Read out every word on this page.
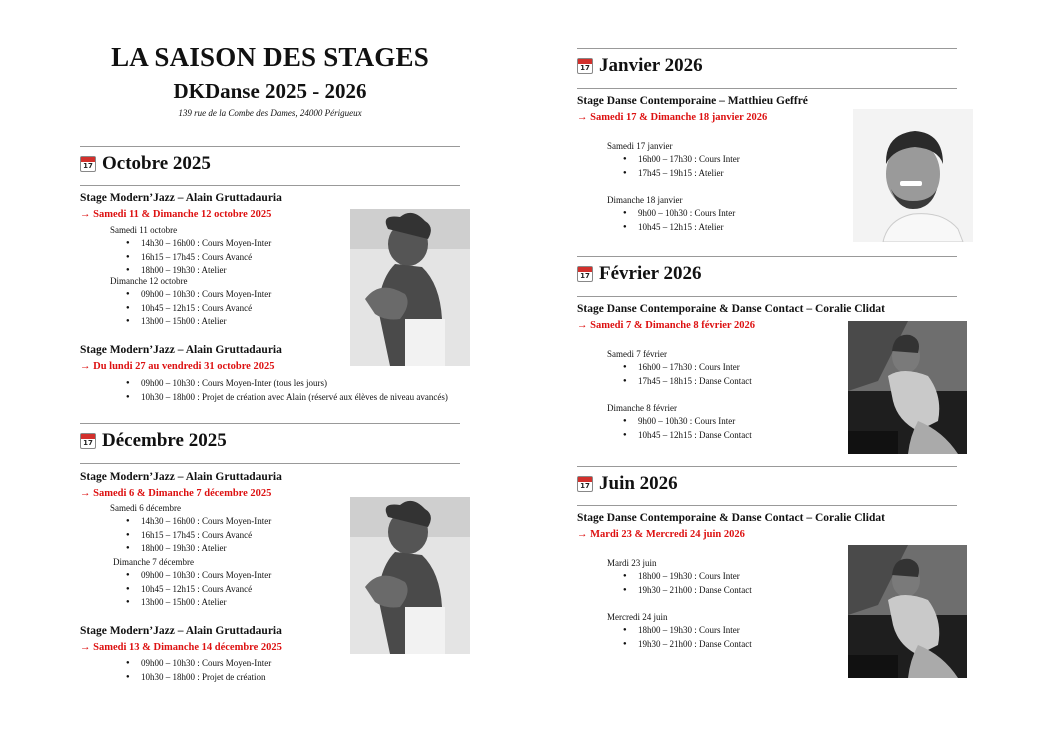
LA SAISON DES STAGES
DKDanse 2025 - 2026
139 rue de la Combe des Dames, 24000 Périgueux
17 Octobre 2025
Stage Modern’Jazz – Alain Gruttadauria
→ Samedi 11 & Dimanche 12 octobre 2025
Samedi 11 octobre
● 14h30 – 16h00 : Cours Moyen-Inter
● 16h15 – 17h45 : Cours Avancé
● 18h00 – 19h30 : Atelier
Dimanche 12 octobre
● 09h00 – 10h30 : Cours Moyen-Inter
● 10h45 – 12h15 : Cours Avancé
● 13h00 – 15h00 : Atelier
Stage Modern’Jazz – Alain Gruttadauria
→ Du lundi 27 au vendredi 31 octobre 2025
● 09h00 – 10h30 : Cours Moyen-Inter (tous les jours)
● 10h30 – 18h00 : Projet de création avec Alain (réservé aux élèves de niveau avancés)
17 Décembre 2025
Stage Modern’Jazz – Alain Gruttadauria
→ Samedi 6 & Dimanche 7 décembre 2025
Samedi 6 décembre
● 14h30 – 16h00 : Cours Moyen-Inter
● 16h15 – 17h45 : Cours Avancé
● 18h00 – 19h30 : Atelier
Dimanche 7 décembre
● 09h00 – 10h30 : Cours Moyen-Inter
● 10h45 – 12h15 : Cours Avancé
● 13h00 – 15h00 : Atelier
Stage Modern’Jazz – Alain Gruttadauria
→ Samedi 13 & Dimanche 14 décembre 2025
● 09h00 – 10h30 : Cours Moyen-Inter
● 10h30 – 18h00 : Projet de création
17 Janvier 2026
Stage Danse Contemporaine – Matthieu Geffré
→ Samedi 17 & Dimanche 18 janvier 2026
Samedi 17 janvier
● 16h00 – 17h30 : Cours Inter
● 17h45 – 19h15 : Atelier
Dimanche 18 janvier
● 9h00 – 10h30 : Cours Inter
● 10h45 – 12h15 : Atelier
17 Février 2026
Stage Danse Contemporaine & Danse Contact – Coralie Clidat
→ Samedi 7 & Dimanche 8 février 2026
Samedi 7 février
● 16h00 – 17h30 : Cours Inter
● 17h45 – 18h15 : Danse Contact
Dimanche 8 février
● 9h00 – 10h30 : Cours Inter
● 10h45 – 12h15 : Danse Contact
17 Juin 2026
Stage Danse Contemporaine & Danse Contact – Coralie Clidat
→ Mardi 23 & Mercredi 24 juin 2026
Mardi 23 juin
● 18h00 – 19h30 : Cours Inter
● 19h30 – 21h00 : Danse Contact
Mercredi 24 juin
● 18h00 – 19h30 : Cours Inter
● 19h30 – 21h00 : Danse Contact
